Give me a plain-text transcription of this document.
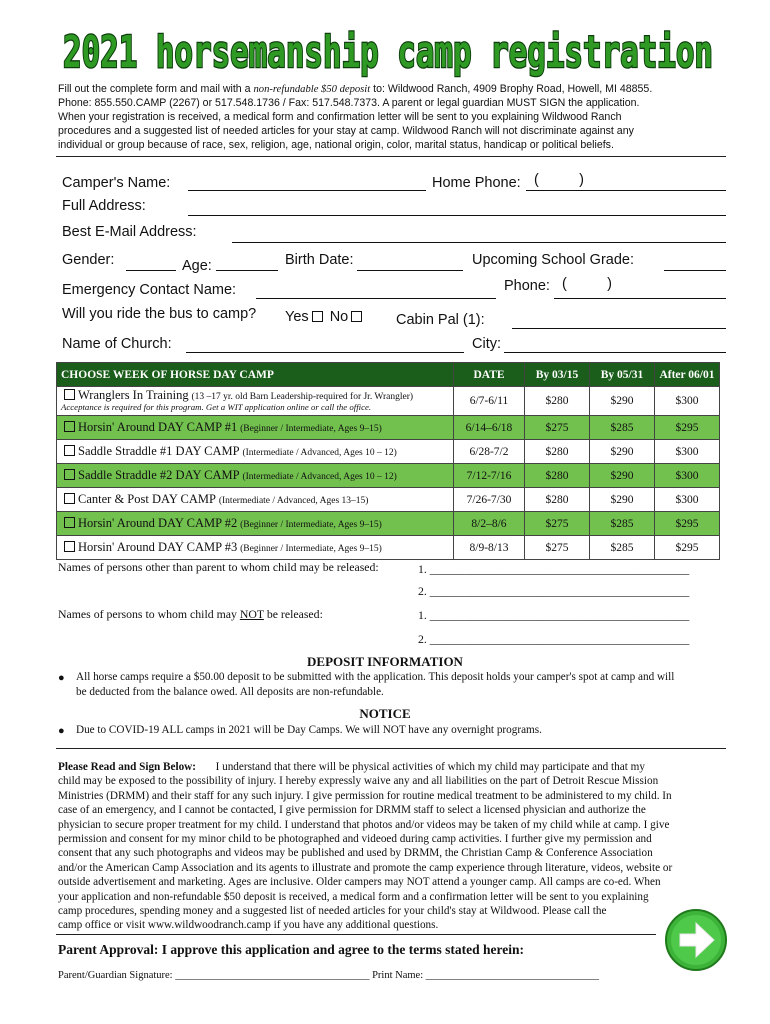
2021 horsemanship camp registration
Fill out the complete form and mail with a non-refundable $50 deposit to: Wildwood Ranch, 4909 Brophy Road, Howell, MI 48855.
Phone: 855.550.CAMP (2267) or 517.548.1736 / Fax: 517.548.7373. A parent or legal guardian MUST SIGN the application.
When your registration is received, a medical form and confirmation letter will be sent to you explaining Wildwood Ranch
procedures and a suggested list of needed articles for your stay at camp. Wildwood Ranch will not discriminate against any
individual or group because of race, sex, religion, age, national origin, color, marital status, handicap or political beliefs.
Camper's Name:	Home Phone: (          )
Full Address:
Best E-Mail Address:
Gender:	Age:	Birth Date:	Upcoming School Grade:
Emergency Contact Name:	Phone: (          )
Will you ride the bus to camp? Yes No	Cabin Pal (1):
Name of Church:	City:
CHOOSE WEEK OF HORSE DAY CAMP	DATE	By 03/15	By 05/31	After 06/01
Wranglers In Training (13 –17 yr. old Barn Leadership-required for Jr. Wrangler)
Acceptance is required for this program. Get a WIT application online or call the office.	6/7-6/11	$280	$290	$300
Horsin' Around DAY CAMP #1 (Beginner / Intermediate, Ages 9–15)	6/14–6/18	$275	$285	$295
Saddle Straddle #1 DAY CAMP (Intermediate / Advanced, Ages 10 – 12)	6/28-7/2	$280	$290	$300
Saddle Straddle #2 DAY CAMP (Intermediate / Advanced, Ages 10 – 12)	7/12-7/16	$280	$290	$300
Canter & Post DAY CAMP (Intermediate / Advanced, Ages 13–15)	7/26-7/30	$280	$290	$300
Horsin' Around DAY CAMP #2 (Beginner / Intermediate, Ages 9–15)	8/2–8/6	$275	$285	$295
Horsin' Around DAY CAMP #3 (Beginner / Intermediate, Ages 9–15)	8/9-8/13	$275	$285	$295
Names of persons other than parent to whom child may be released:	1. ____________________________________________
2. ____________________________________________
Names of persons to whom child may NOT be released:	1. ____________________________________________
2. ____________________________________________
DEPOSIT INFORMATION
● All horse camps require a $50.00 deposit to be submitted with the application. This deposit holds your camper's spot at camp and will
be deducted from the balance owed. All deposits are non-refundable.
NOTICE
● Due to COVID-19 ALL camps in 2021 will be Day Camps. We will NOT have any overnight programs.
Please Read and Sign Below: I understand that there will be physical activities of which my child may participate and that my
child may be exposed to the possibility of injury. I hereby expressly waive any and all liabilities on the part of Detroit Rescue Mission
Ministries (DRMM) and their staff for any such injury. I give permission for routine medical treatment to be administered to my child. In
case of an emergency, and I cannot be contacted, I give permission for DRMM staff to select a licensed physician and authorize the
physician to secure proper treatment for my child. I understand that photos and/or videos may be taken of my child while at camp. I give
permission and consent for my minor child to be photographed and videoed during camp activities. I further give my permission and
consent that any such photographs and videos may be published and used by DRMM, the Christian Camp & Conference Association
and/or the American Camp Association and its agents to illustrate and promote the camp experience through literature, videos, website or
outside advertisement and marketing. Ages are inclusive. Older campers may NOT attend a younger camp. All camps are co-ed. When
your application and non-refundable $50 deposit is received, a medical form and a confirmation letter will be sent to you explaining
camp procedures, spending money and a suggested list of needed articles for your child's stay at Wildwood. Please call the
camp office or visit www.wildwoodranch.camp if you have any additional questions.
Parent Approval: I approve this application and agree to the terms stated herein:
Parent/Guardian Signature: _____________________________________ Print Name: _________________________________
